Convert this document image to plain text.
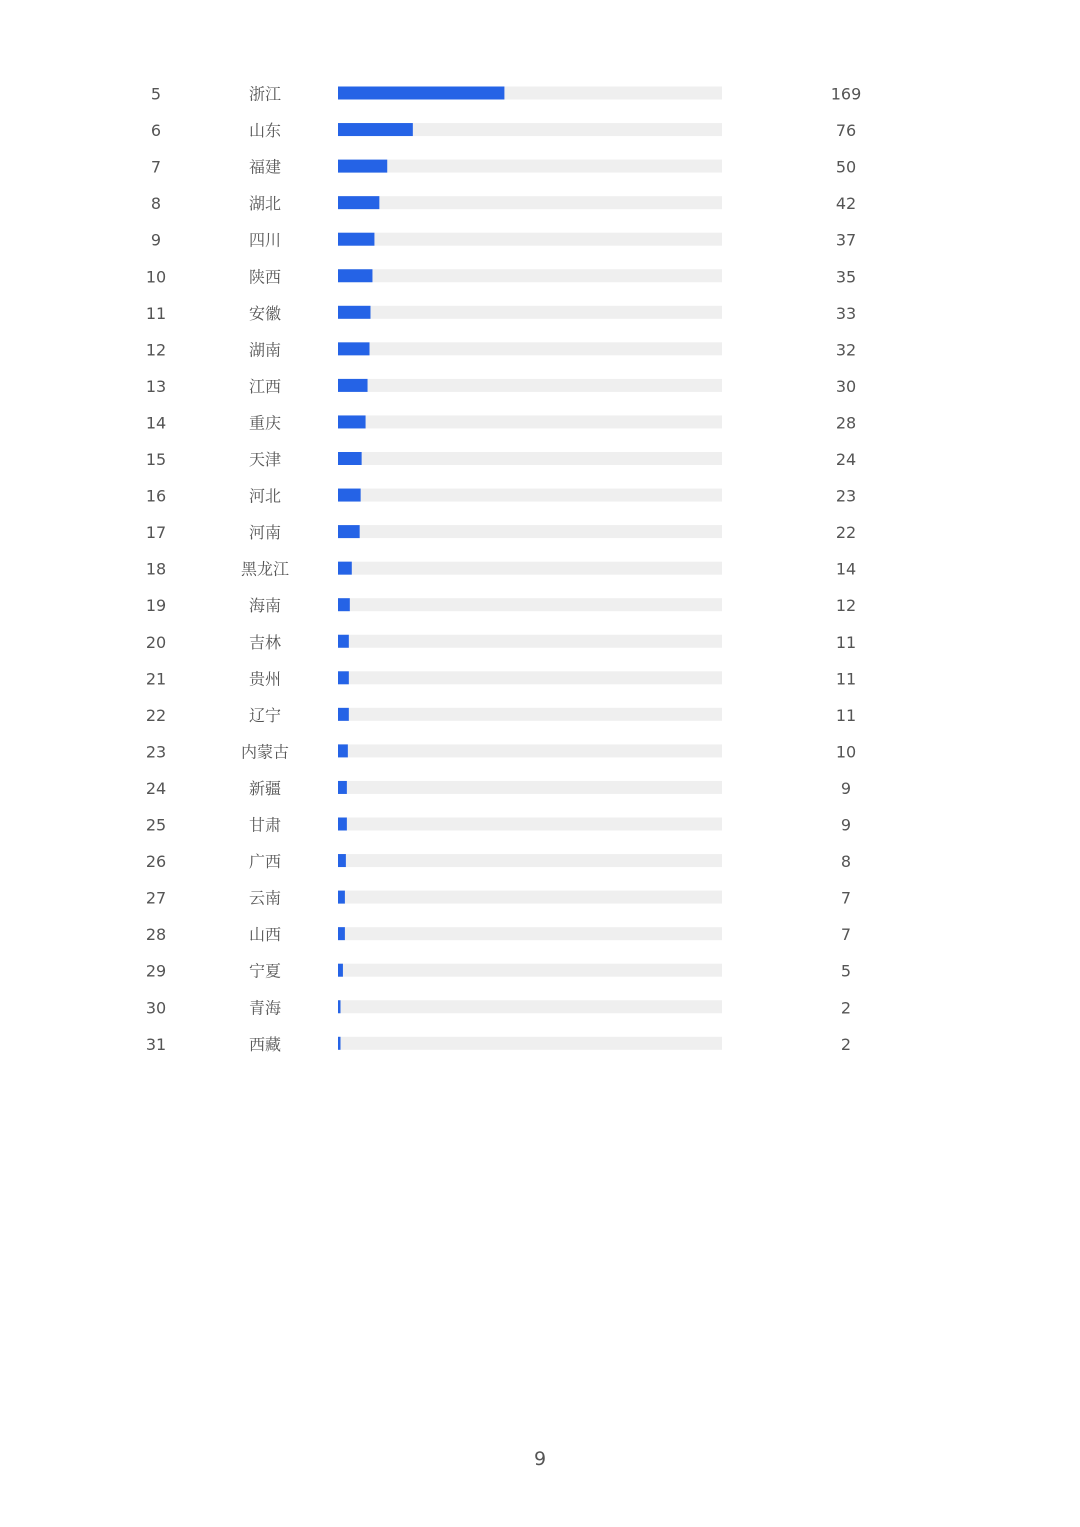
5	浙江	169
6	山东	76
7	福建	50
8	湖北	42
9	四川	37
10	陕西	35
11	安徽	33
12	湖南	32
13	江西	30
14	重庆	28
15	天津	24
16	河北	23
17	河南	22
18	黑龙江	14
19	海南	12
20	吉林	11
21	贵州	11
22	辽宁	11
23	内蒙古	10
24	新疆	9
25	甘肃	9
26	广西	8
27	云南	7
28	山西	7
29	宁夏	5
30	青海	2
31	西藏	2
9
